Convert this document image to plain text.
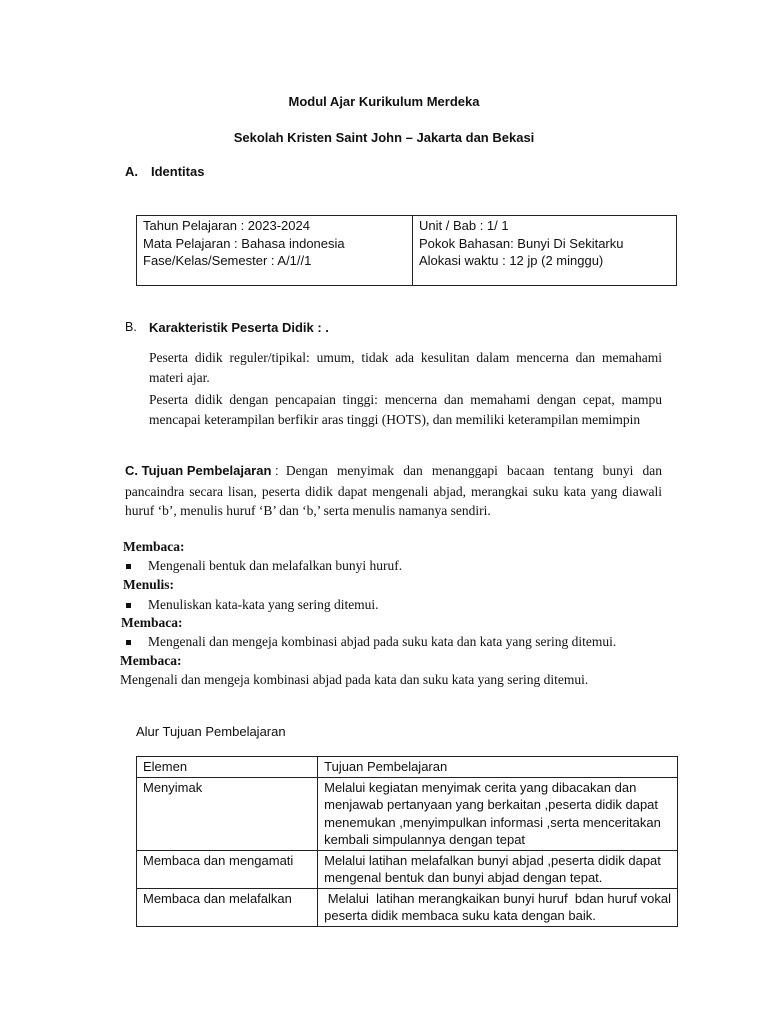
Modul Ajar Kurikulum Merdeka
Sekolah Kristen Saint John – Jakarta dan Bekasi
A. Identitas
Tahun Pelajaran : 2023-2024
Mata Pelajaran : Bahasa indonesia
Fase/Kelas/Semester : A/1//1

Unit / Bab : 1/ 1
Pokok Bahasan: Bunyi Di Sekitarku
Alokasi waktu : 12 jp (2 minggu)
B. Karakteristik Peserta Didik : .
Peserta didik reguler/tipikal: umum, tidak ada kesulitan dalam mencerna dan memahami
materi ajar.
Peserta didik dengan pencapaian tinggi: mencerna dan memahami dengan cepat, mampu
mencapai keterampilan berfikir aras tinggi (HOTS), dan memiliki keterampilan memimpin
C. Tujuan Pembelajaran : Dengan menyimak dan menanggapi bacaan tentang bunyi dan
pancaindra secara lisan, peserta didik dapat mengenali abjad, merangkai suku kata yang diawali
huruf ‘b’, menulis huruf ‘B’ dan ‘b,’ serta menulis namanya sendiri.
Membaca:
Mengenali bentuk dan melafalkan bunyi huruf.
Menulis:
Menuliskan kata-kata yang sering ditemui.
Membaca:
Mengenali dan mengeja kombinasi abjad pada suku kata dan kata yang sering ditemui.
Membaca:
Mengenali dan mengeja kombinasi abjad pada kata dan suku kata yang sering ditemui.
Alur Tujuan Pembelajaran
Elemen	Tujuan Pembelajaran
Menyimak	Melalui kegiatan menyimak cerita yang dibacakan dan
menjawab pertanyaan yang berkaitan ,peserta didik dapat
menemukan ,menyimpulkan informasi ,serta menceritakan
kembali simpulannya dengan tepat

Membaca dan mengamati	Melalui latihan melafalkan bunyi abjad ,peserta didik dapat
mengenal bentuk dan bunyi abjad dengan tepat.

Membaca dan melafalkan	Melalui  latihan merangkaikan bunyi huruf  bdan huruf vokal
peserta didik membaca suku kata dengan baik.
